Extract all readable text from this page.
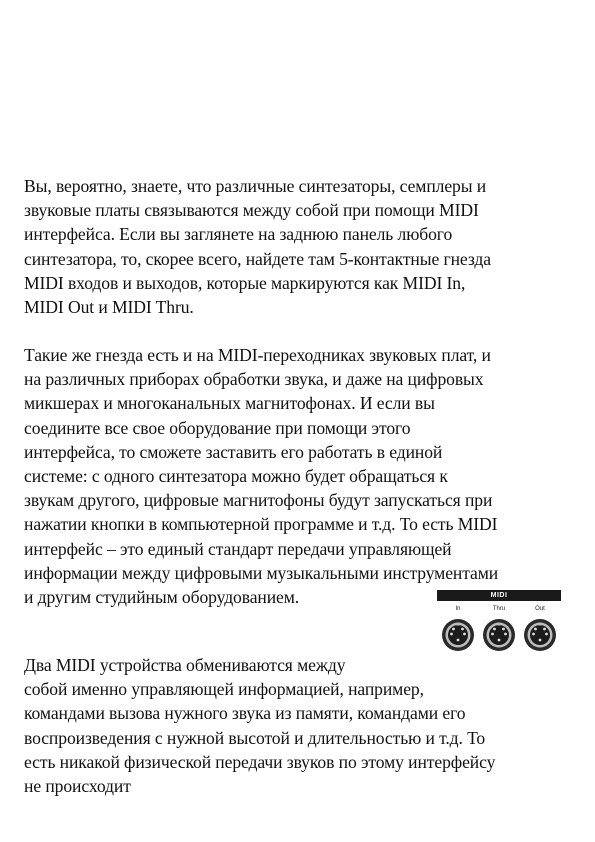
Вы, вероятно, знаете, что различные синтезаторы, семплеры и
звуковые платы связываются между собой при помощи MIDI
интерфейса. Если вы заглянете на заднюю панель любого
синтезатора, то, скорее всего, найдете там 5-контактные гнезда
MIDI входов и выходов, которые маркируются как MIDI In,
MIDI Out и MIDI Thru.
Такие же гнезда есть и на MIDI-переходниках звуковых плат, и
на различных приборах обработки звука, и даже на цифровых
микшерах и многоканальных магнитофонах. И если вы
соедините все свое оборудование при помощи этого
интерфейса, то сможете заставить его работать в единой
системе: с одного синтезатора можно будет обращаться к
звукам другого, цифровые магнитофоны будут запускаться при
нажатии кнопки в компьютерной программе и т.д. То есть MIDI
интерфейс – это единый стандарт передачи управляющей
информации между цифровыми музыкальными инструментами
и другим студийным оборудованием.	MIDI
In	Thru	Out
Два MIDI устройства обмениваются между
собой именно управляющей информацией, например,
командами вызова нужного звука из памяти, командами его
воспроизведения с нужной высотой и длительностью и т.д. То
есть никакой физической передачи звуков по этому интерфейсу
не происходит
